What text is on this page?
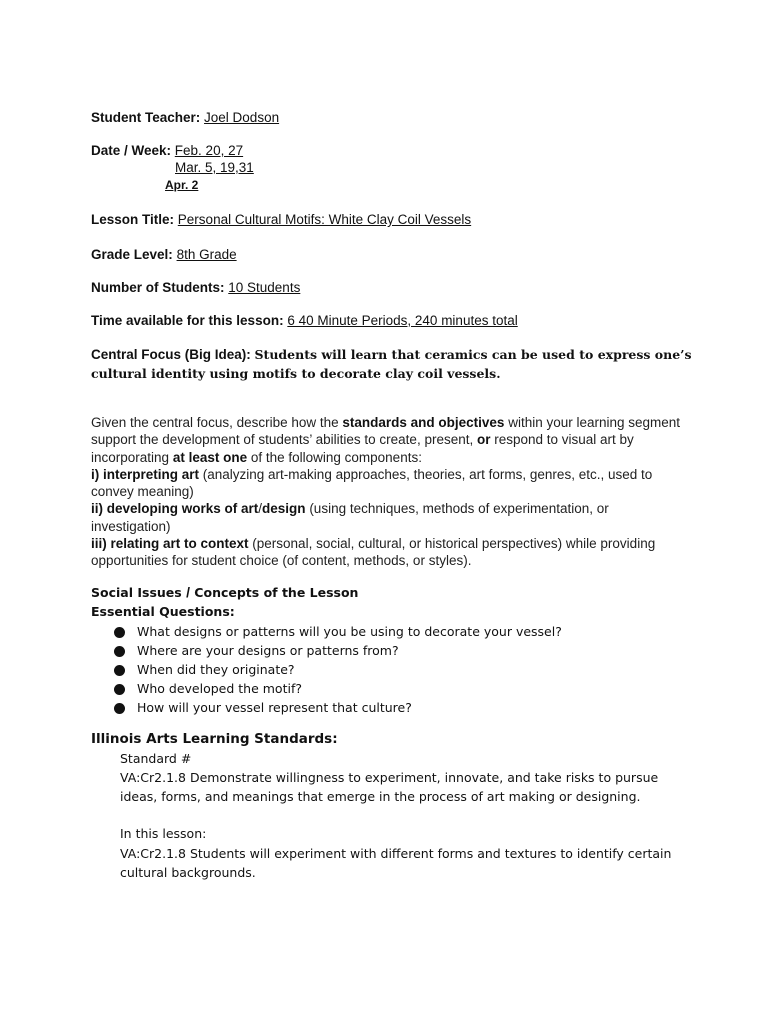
Student Teacher: Joel Dodson
Date / Week: Feb. 20, 27
Mar. 5, 19,31
Apr. 2
Lesson Title: Personal Cultural Motifs: White Clay Coil Vessels
Grade Level: 8th Grade
Number of Students: 10 Students
Time available for this lesson: 6 40 Minute Periods, 240 minutes total
Central Focus (Big Idea): Students will learn that ceramics can be used to express one’s
cultural identity using motifs to decorate clay coil vessels.
Given the central focus, describe how the standards and objectives within your learning segment support the development of students’ abilities to create, present, or respond to visual art by incorporating at least one of the following components:
i) interpreting art (analyzing art-making approaches, theories, art forms, genres, etc., used to convey meaning)
ii) developing works of art/design (using techniques, methods of experimentation, or investigation)
iii) relating art to context (personal, social, cultural, or historical perspectives) while providing opportunities for student choice (of content, methods, or styles).
Social Issues / Concepts of the Lesson
Essential Questions:
What designs or patterns will you be using to decorate your vessel?
Where are your designs or patterns from?
When did they originate?
Who developed the motif?
How will your vessel represent that culture?
Illinois Arts Learning Standards:
Standard #
VA:Cr2.1.8 Demonstrate willingness to experiment, innovate, and take risks to pursue ideas, forms, and meanings that emerge in the process of art making or designing.
In this lesson:
VA:Cr2.1.8 Students will experiment with different forms and textures to identify certain cultural backgrounds.
